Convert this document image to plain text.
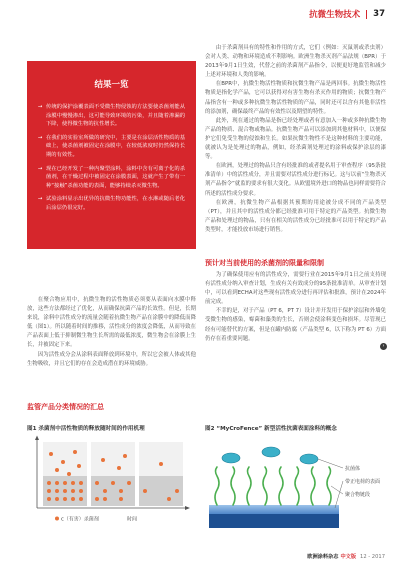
抗微生物技术 37
结果一览
→
传统的保护涂覆表面不受微生物侵蚀的方法要使杀菌剂能从涂膜中慢慢渗出，这可能导致环境的污染，并且随着渗漏的下降，使得微生物的抗性增长。
→
在我们的实验室所做的研究中，主要是在涂层活性物质的基础上，使杀菌剂被固定在涂膜中，在较低浓度时仍然保持长期的有效性。
→
现在已经开发了一种内聚型涂料，涂料中含有可离子化的杀菌剂，在干燥过程中被固定在涂膜表面，这就产生了带有一种“接触”杀菌功能的表面，能够持续杀灭微生物。
→
试验涂料显示出优异的抗微生物功能性，在水淋或随后老化后涂层仍很完好。

在聚合物应用中，抗微生物的活性物质必须要从表面向水膜中释放，这些方法都经过了优化，从而确保抗菌产品的长效性。但是，长期来说，涂料中活性成分的流量会随着抗微生物产品在涂膜中的降低而降低（图1）。所以随着时间的推移，活性成分的浓度会降低，从而导致在产品表面上低于抑制微生物生长所需的最低浓度，微生物会在涂膜上生长，并被固定下来。

因为活性成分会从涂料表面释放到环境中，所以它会被人体或其他生物吸收，并且它们的存在会造成潜在的环境威胁。

监管产品分类情况的汇总

由于杀菌剂具有的特性和作用的方式，它们（例如：灭鼠剂或杀虫剂）会对人类、动物和环境造成不利影响。欧洲生物杀灭剂产品法规（BPR）于2013年9月1日生效，代替之前的杀菌剂产品指令，以便更好地监管和减少上述对环境和人类的影响。

在BPR中，抗微生物活性物质和抗微生物产品是两回事。抗微生物活性物质是指化学产品，它可以获得对有害生物有杀灭作用的物质；抗微生物产品指含有一种或多种抗微生物活性物质的产品，同时还可以含有其他非活性的添加剂，确保最终产品的有效性以及期望的特性。

此外，现在通过的物品是指已经处理或者有意加入一种或多种抗微生物产品的物质、混合物或物品。抗微生物产品可以添加到其他材料中，以便保护它们免受生物的侵蚀和生长。如果抗微生物性不是这种材料的主要功能，就被认为是处理过的物品，例如，经杀菌剂处理过的涂料或保护涂层的漆等。

在欧洲，处理过的物品只含有经批准的或者提名用于审查程序（95条批准清单）中的活性成分，并且需要对活性成分进行标记。这与以前“生物杀灭剂产品指令”就监的要求有很大变化。从欧盟境外进口的物品也同样需要符合所述的活性成分要求。

在欧洲，抗微生物产品根据其预期的用途被分成不同的产品类型（PT），并且其中的活性成分都已经批准可用于特定的产品类型。抗微生物产品和处理过的物品，只有在相关的活性成分已经批准可以用于特定的产品类型时，才能投放市场进行销售。

预计对当前使用的杀菌剂的限量和限制

为了确保使用应有的活性成分，需要行业在2015年9月1日之前支持现有活性成分纳入审查计划，生成有关有效成分的95条批准清单。从审查计划中，可以看到ECHA对这些现有活性成分进行再评估和批准，预计在2024年前完成。

不幸的是，对于产品（PT 6，PT 7）设计并开发用于保护涂层和外墙免受微生物的感染，霉菌和藻类的生长，否则会使涂料变色和损坏。尽管现已经有可能替代的方案，但是在罐内防腐（产品类型 6，以下称为 PT 6）方面仍存在着重要问题。

›
图1 杀菌剂中活性物质的释放随时间的作用机理	图2 “MyCroFence” 新型活性抗菌表面涂料的概念
c（有害）杀菌剂	时间
抗菌体
带正电荷的表面
聚合物链段
欧洲涂料杂志 中文版 12 - 2017
